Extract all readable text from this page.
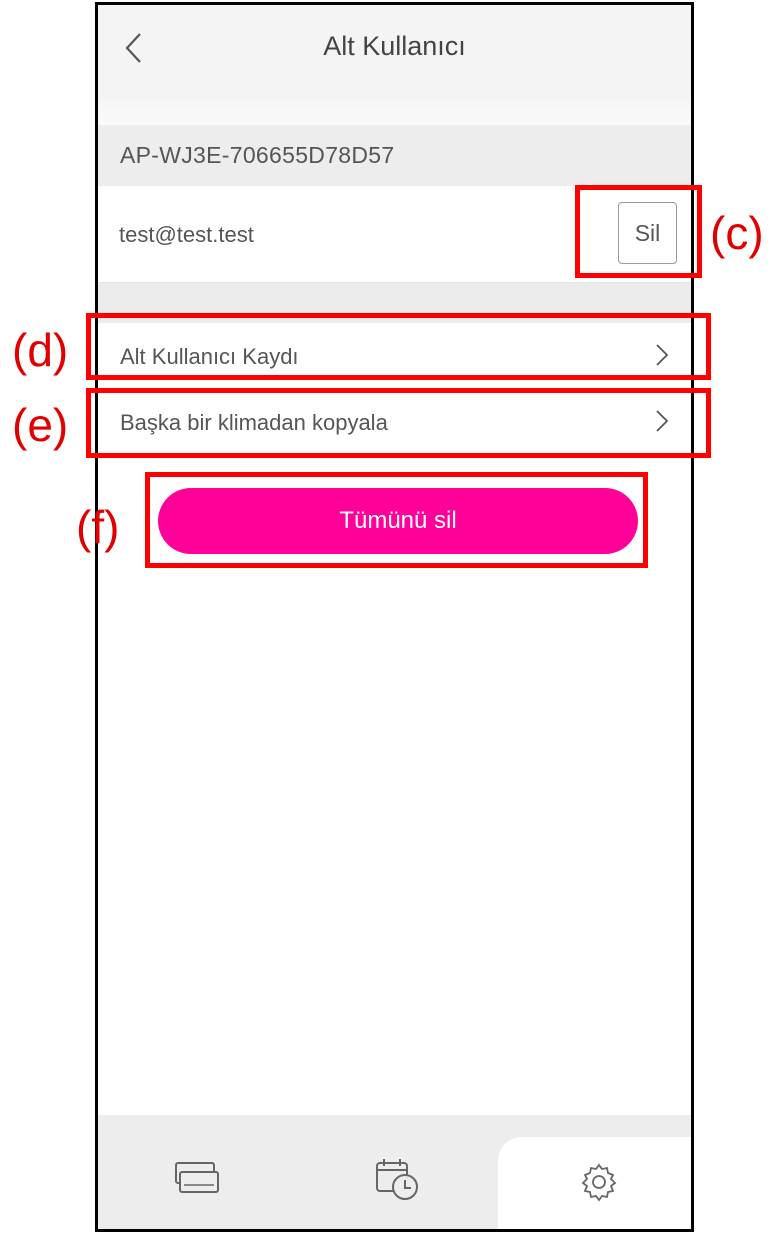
Alt Kullanıcı
AP-WJ3E-706655D78D57
test@test.test	Sil
Alt Kullanıcı Kaydı
Başka bir klimadan kopyala
Tümünü sil
(c)
(d)
(e)
(f)
